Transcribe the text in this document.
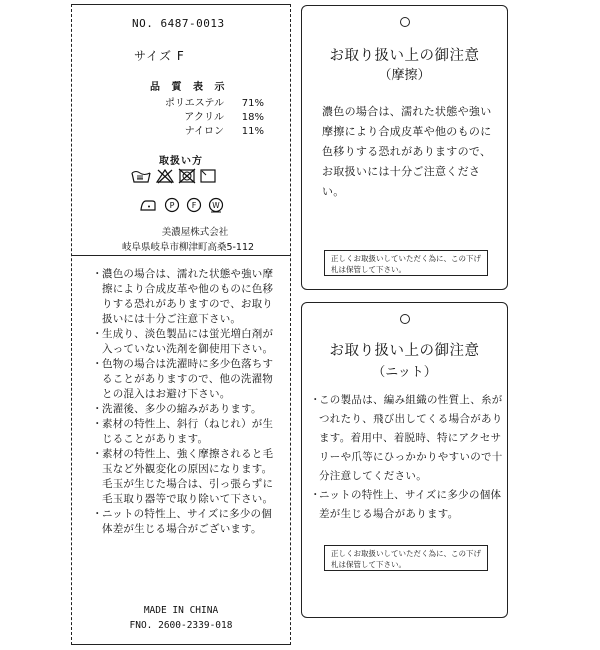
NO. 6487-0013
サイズ F
品 質 表 示
ポリエステル	71%
アクリル	18%
ナイロン	11%
取扱い方
P F W
美濃屋株式会社
岐阜県岐阜市柳津町高桑5-112
・ 濃色の場合は、濡れた状態や強い摩擦により合成皮革や他のものに色移りする恐れがありますので、お取り扱いには十分ご注意下さい。
・ 生成り、淡色製品には蛍光増白剤が入っていない洗剤を御使用下さい。
・ 色物の場合は洗濯時に多少色落ちすることがありますので、他の洗濯物との混入はお避け下さい。
・ 洗濯後、多少の縮みがあります。
・ 素材の特性上、斜行（ねじれ）が生じることがあります。
・ 素材の特性上、強く摩擦されると毛玉など外観変化の原因になります。毛玉が生じた場合は、引っ張らずに毛玉取り器等で取り除いて下さい。
・ ニットの特性上、サイズに多少の個体差が生じる場合がございます。
MADE IN CHINA
FNO. 2600-2339-018
お取り扱い上の御注意
（摩擦）
濃色の場合は、濡れた状態や強い摩擦により合成皮革や他のものに色移りする恐れがありますので、お取扱いには十分ご注意ください。
正しくお取扱いしていただく為に、この下げ札は保管して下さい。
お取り扱い上の御注意
（ニット）
・
この製品は、編み組織の性質上、糸がつれたり、飛び出してくる場合があります。着用中、着脱時、特にアクセサリーや爪等にひっかかりやすいので十分注意してください。
・
ニットの特性上、サイズに多少の個体差が生じる場合があります。
正しくお取扱いしていただく為に、この下げ札は保管して下さい。
